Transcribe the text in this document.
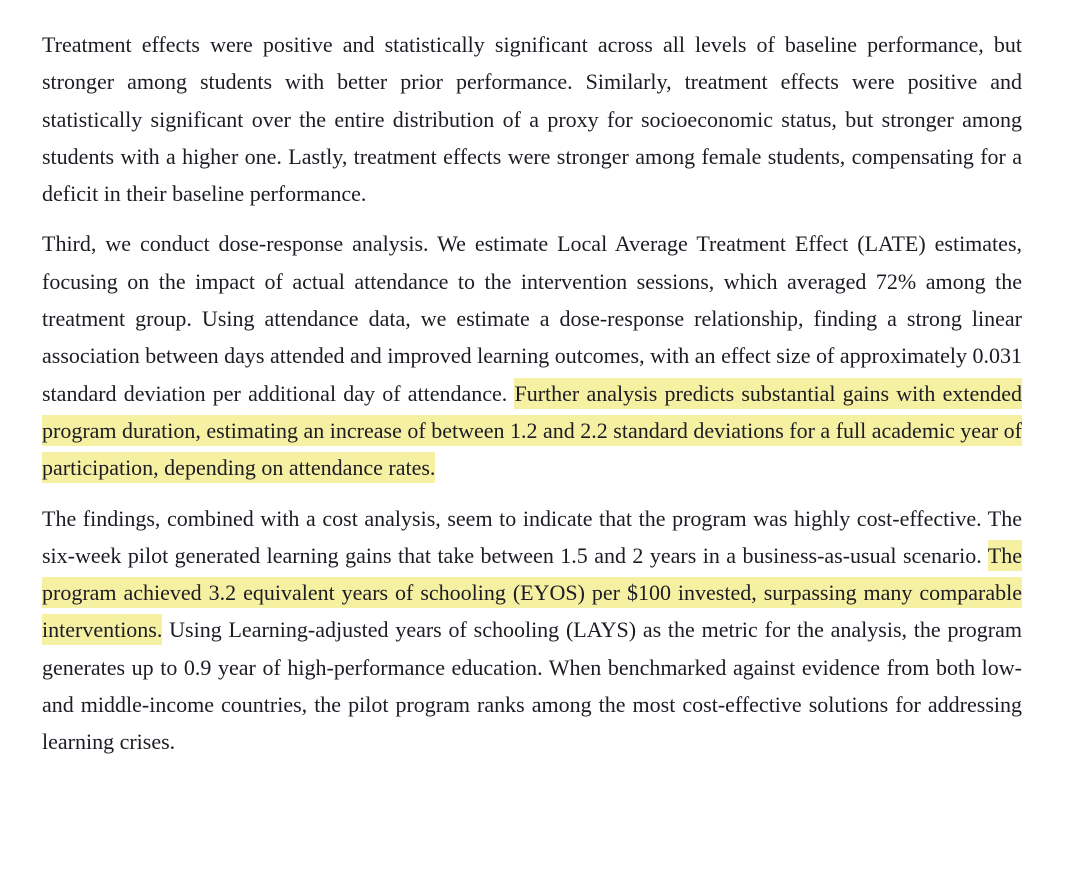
Treatment effects were positive and statistically significant across all levels of baseline performance, but stronger among students with better prior performance. Similarly, treatment effects were positive and statistically significant over the entire distribution of a proxy for socioeconomic status, but stronger among students with a higher one. Lastly, treatment effects were stronger among female students, compensating for a deficit in their baseline performance.

Third, we conduct dose-response analysis. We estimate Local Average Treatment Effect (LATE) estimates, focusing on the impact of actual attendance to the intervention sessions, which averaged 72% among the treatment group. Using attendance data, we estimate a dose-response relationship, finding a strong linear association between days attended and improved learning outcomes, with an effect size of approximately 0.031 standard deviation per additional day of attendance. Further analysis predicts substantial gains with extended program duration, estimating an increase of between 1.2 and 2.2 standard deviations for a full academic year of participation, depending on attendance rates.

The findings, combined with a cost analysis, seem to indicate that the program was highly cost-effective. The six-week pilot generated learning gains that take between 1.5 and 2 years in a business-as-usual scenario. The program achieved 3.2 equivalent years of schooling (EYOS) per $100 invested, surpassing many comparable interventions. Using Learning-adjusted years of schooling (LAYS) as the metric for the analysis, the program generates up to 0.9 year of high-performance education. When benchmarked against evidence from both low- and middle-income countries, the pilot program ranks among the most cost-effective solutions for addressing learning crises.
